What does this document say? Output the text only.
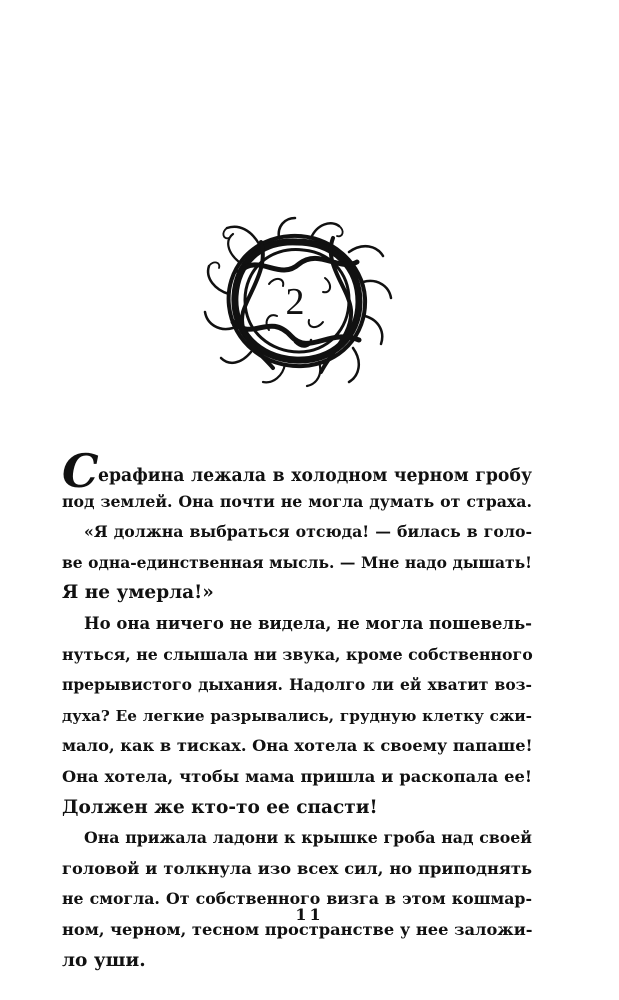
2
Серафина лежала в холодном черном гробу
под землей. Она почти не могла думать от страха.
«Я должна выбраться отсюда! — билась в голо-
ве одна-единственная мысль. — Мне надо дышать!
Я не умерла!»
Но она ничего не видела, не могла пошевель-
нуться, не слышала ни звука, кроме собственного
прерывистого дыхания. Надолго ли ей хватит воз-
духа? Ее легкие разрывались, грудную клетку сжи-
мало, как в тисках. Она хотела к своему папаше!
Она хотела, чтобы мама пришла и раскопала ее!
Должен же кто-то ее спасти!
Она прижала ладони к крышке гроба над своей
головой и толкнула изо всех сил, но приподнять
не смогла. От собственного визга в этом кошмар-
ном, черном, тесном пространстве у нее заложи-
ло уши.
11
